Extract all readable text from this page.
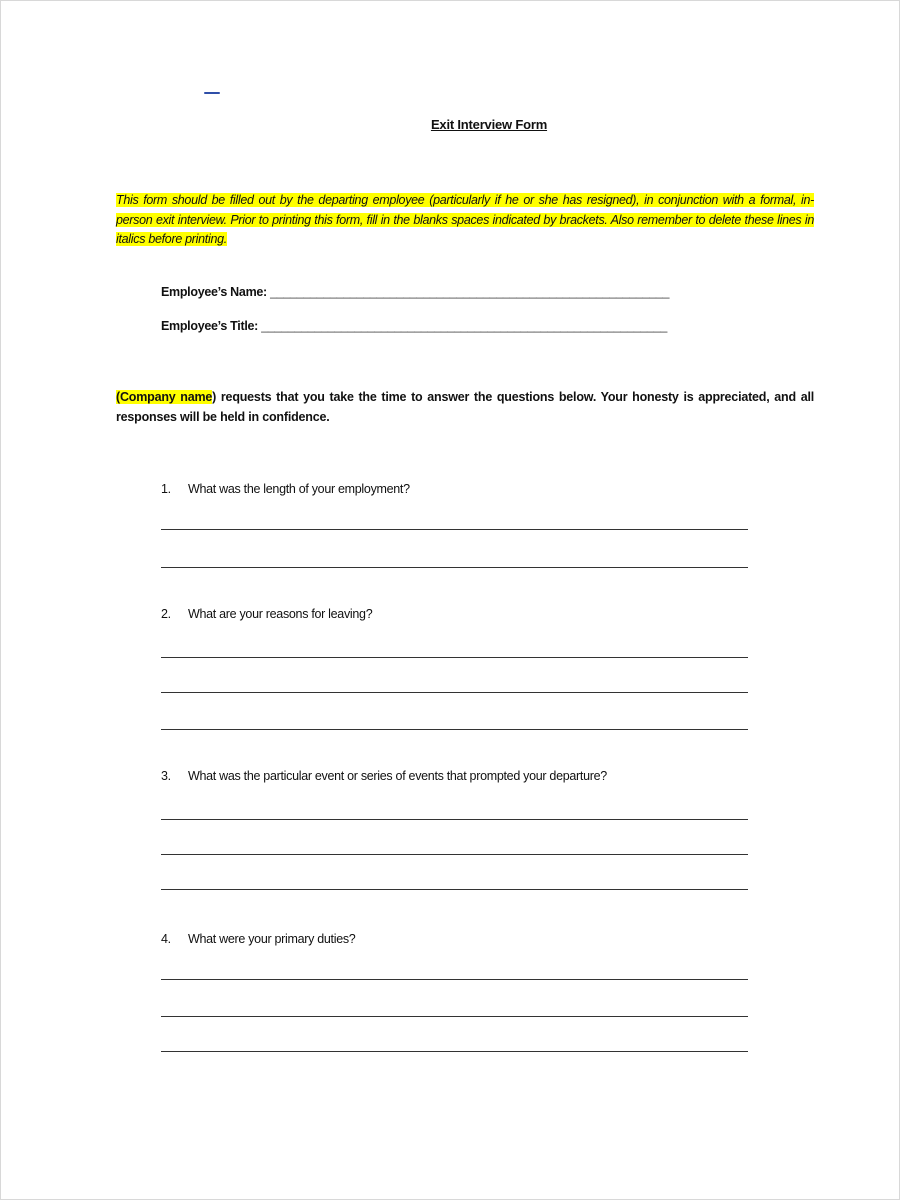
Exit Interview Form
This form should be filled out by the departing employee (particularly if he or she has resigned), in conjunction with a formal, in-person exit interview. Prior to printing this form, fill in the blanks spaces indicated by brackets. Also remember to delete these lines in italics before printing.
Employee’s Name: ____________________________________________________________
Employee’s Title: _____________________________________________________________
(Company name) requests that you take the time to answer the questions below. Your honesty is appreciated, and all responses will be held in confidence.
1. What was the length of your employment?
2. What are your reasons for leaving?
3. What was the particular event or series of events that prompted your departure?
4. What were your primary duties?
